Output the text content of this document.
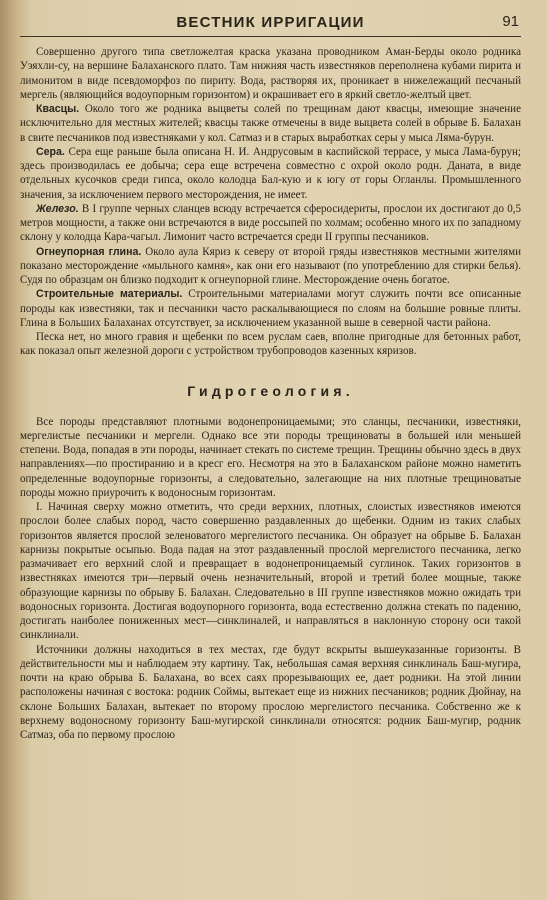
ВЕСТНИК ИРРИГАЦИИ	91

Совершенно другого типа светложелтая краска указана проводником Аман-Берды около родника Уэяхли-су, на вершине Балаханского плато. Там нижняя часть известняков переполнена кубами пирита и лимонитом в виде псевдоморфоз по пириту. Вода, растворяя их, проникает в нижележащий песчаный мергель (являющийся водоупорным горизонтом) и окрашивает его в яркий светло-желтый цвет.

Квасцы. Около того же родника выцветы солей по трещинам дают квасцы, имеющие значение исключительно для местных жителей; квасцы также отмечены в виде выцвета солей в обрыве Б. Балахан в свите песчаников под известняками у кол. Сатмаз и в старых выработках серы у мыса Ляма-бурун.

Сера. Сера еще раньше была описана Н. И. Андрусовым в каспийской террасе, у мыса Лама-бурун; здесь производилась ее добыча; сера еще встречена совместно с охрой около родн. Даната, в виде отдельных кусочков среди гипса, около колодца Бал-кую и к югу от горы Огланлы. Промышленного значения, за исключением первого месторождения, не имеет.

Железо. В I группе черных сланцев всюду встречается сферосидериты, прослои их достигают до 0,5 метров мощности, а также они встречаются в виде россыпей по холмам; особенно много их по западному склону у колодца Кара-чагыл. Лимонит часто встречается среди II группы песчаников.

Огнеупорная глина. Около аула Кяриз к северу от второй гряды известняков местными жителями показано месторождение «мыльного камня», как они его называют (по употреблению для стирки белья). Судя по образцам он близко подходит к огнеупорной глине. Месторождение очень богатое.

Строительные материалы. Строительными материалами могут служить почти все описанные породы как известняки, так и песчаники часто раскалывающиеся по слоям на большие ровные плиты. Глина в Больших Балаханах отсутствует, за исключением указанной выше в северной части района.

Песка нет, но много гравия и щебенки по всем руслам саев, вполне пригодные для бетонных работ, как показал опыт железной дороги с устройством трубопроводов казенных кяризов.

Гидрогеология.

Все породы представляют плотными водонепроницаемыми; это сланцы, песчаники, известняки, мергелистые песчаники и мергели. Однако все эти породы трещиноваты в большей или меньшей степени. Вода, попадая в эти породы, начинает стекать по системе трещин. Трещины обычно здесь в двух направлениях—по простиранию и в кресг его. Несмотря на это в Балаханском районе можно наметить определенные водоупорные горизонты, а следовательно, залегающие на них плотные трещиноватые породы можно приурочить к водоносным горизонтам.

I. Начиная сверху можно отметить, что среди верхних, плотных, слоистых известняков имеются прослои более слабых пород, часто совершенно раздавленных до щебенки. Одним из таких слабых горизонтов является прослой зеленоватого мергелистого песчаника. Он образует на обрыве Б. Балахан карнизы покрытые осыпью. Вода падая на этот раздавленный прослой мергелистого песчаника, легко размачивает его верхний слой и превращает в водонепроницаемый суглинок. Таких горизонтов в известняках имеются три—первый очень незначительный, второй и третий более мощные, также образующие карнизы по обрыву Б. Балахан. Следовательно в III группе известняков можно ожидать три водоносных горизонта. Достигая водоупорного горизонта, вода естественно должна стекать по падению, достигать наиболее пониженных мест—синклиналей, и направляться в наклонную сторону оси такой синклинали.

Источники должны находиться в тех местах, где будут вскрыты вышеуказанные горизонты. В действительности мы и наблюдаем эту картину. Так, небольшая самая верхняя синклиналь Баш-мугира, почти на краю обрыва Б. Балахана, во всех саях прорезывающих ее, дает родники. На этой линии расположены начиная с востока: родник Соймы, вытекает еще из нижних песчаников; родник Дюйнау, на склоне Больших Балахан, вытекает по второму прослою мергелистого песчаника. Собственно же к верхнему водоносному горизонту Баш-мугирской синклинали относятся: родник Баш-мугир, родник Сатмаз, оба по первому прослою
